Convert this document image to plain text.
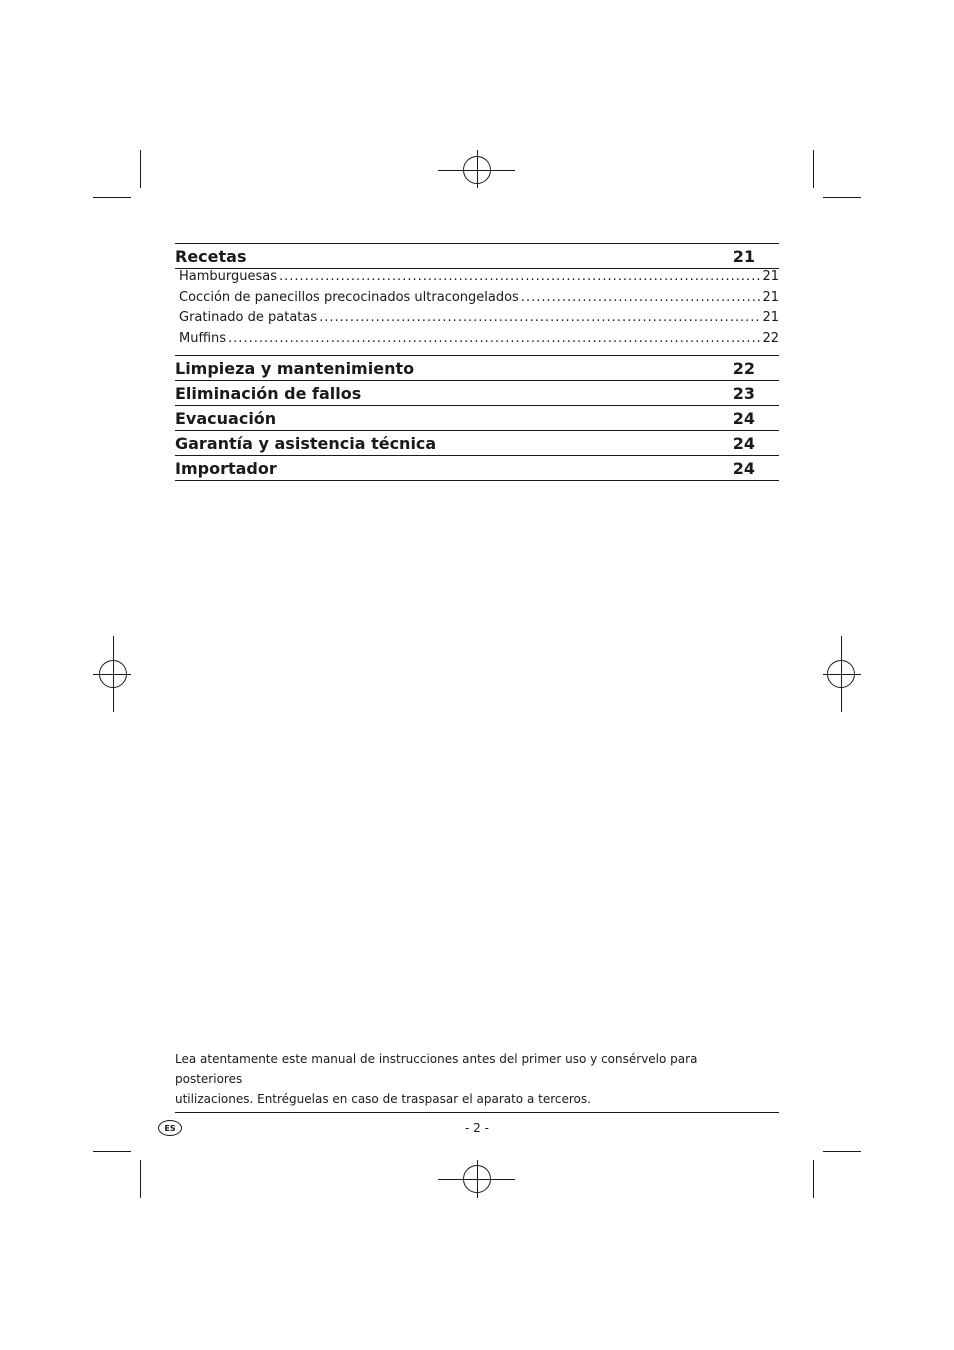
Recetas	21
Hamburguesas .....	21
Cocción de panecillos precocinados ultracongelados .....	21
Gratinado de patatas .....	21
Muffins .....	22
Limpieza y mantenimiento	22
Eliminación de fallos	23
Evacuación	24
Garantía y asistencia técnica	24
Importador	24
Lea atentamente este manual de instrucciones antes del primer uso y consérvelo para posteriores
utilizaciones. Entréguelas en caso de traspasar el aparato a terceros.
ES	- 2 -
